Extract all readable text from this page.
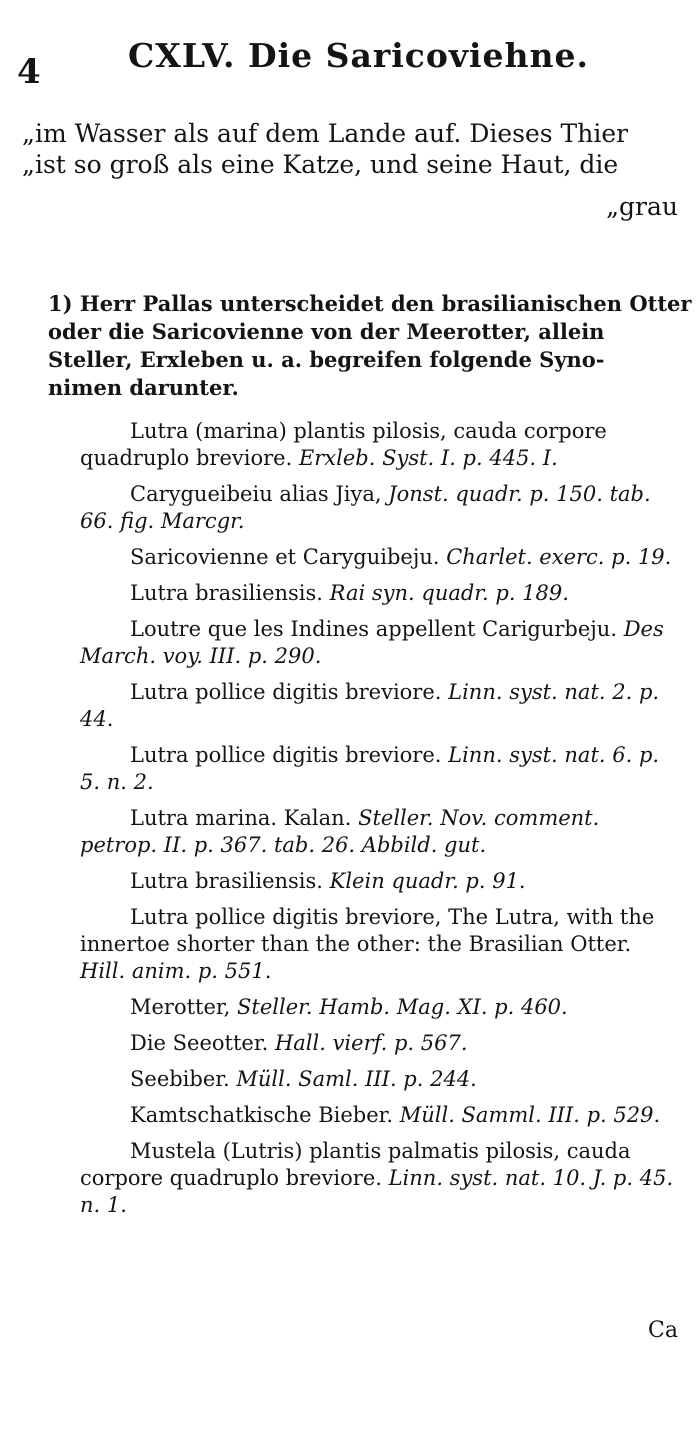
4	CXLV. Die Saricoviehne.
„im Wasser als auf dem Lande auf. Dieses Thier
„ist so groß als eine Katze, und seine Haut, die
„grau
1) Herr Pallas unterscheidet den brasilianischen Otter
oder die Saricovienne von der Meerotter, allein
Steller, Erxleben u. a. begreifen folgende Syno-
nimen darunter.
Lutra (marina) plantis pilosis, cauda corpore quadruplo breviore. Erxleb. Syst. I. p. 445. I.
Carygueibeiu alias Jiya, Jonst. quadr. p. 150. tab. 66. fig. Marcgr.
Saricovienne et Caryguibeju. Charlet. exerc. p. 19.
Lutra brasiliensis. Rai syn. quadr. p. 189.
Loutre que les Indines appellent Carigurbeju. Des March. voy. III. p. 290.
Lutra pollice digitis breviore. Linn. syst. nat. 2. p. 44.
Lutra pollice digitis breviore. Linn. syst. nat. 6. p. 5. n. 2.
Lutra marina. Kalan. Steller. Nov. comment. petrop. II. p. 367. tab. 26. Abbild. gut.
Lutra brasiliensis. Klein quadr. p. 91.
Lutra pollice digitis breviore, The Lutra, with the innertoe shorter than the other: the Brasilian Otter. Hill. anim. p. 551.
Merotter, Steller. Hamb. Mag. XI. p. 460.
Die Seeotter. Hall. vierf. p. 567.
Seebiber. Müll. Saml. III. p. 244.
Kamtschatkische Bieber. Müll. Samml. III. p. 529.
Mustela (Lutris) plantis palmatis pilosis, cauda corpore quadruplo breviore. Linn. syst. nat. 10. J. p. 45. n. 1.
Ca
